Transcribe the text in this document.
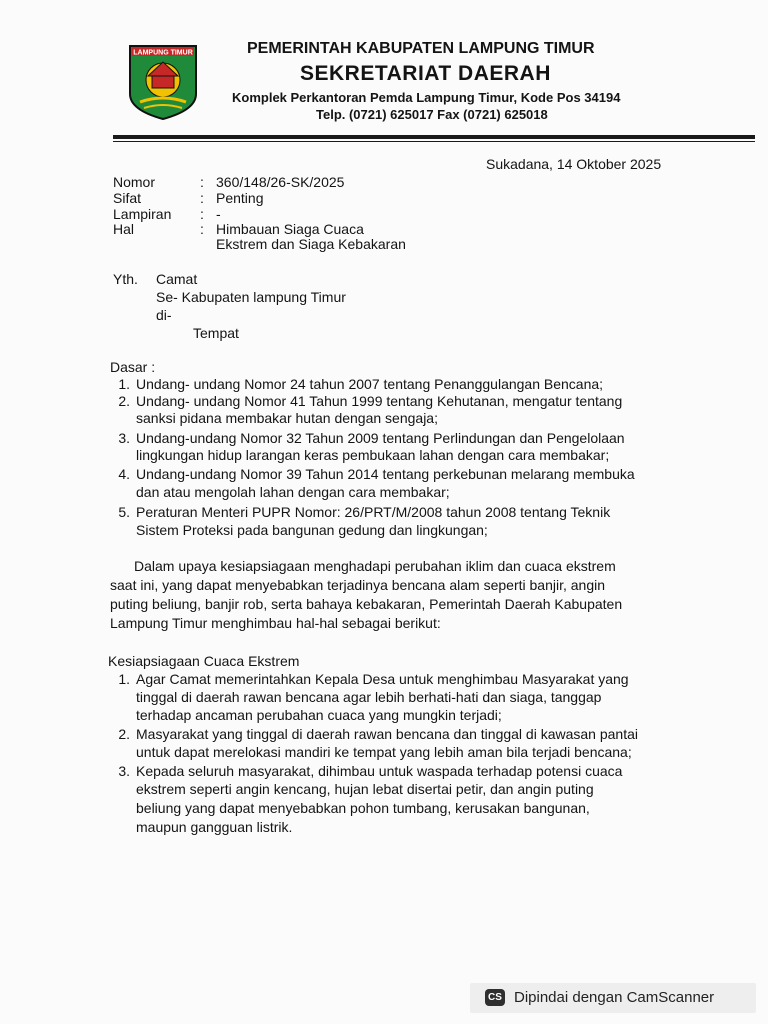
LAMPUNG TIMUR	PEMERINTAH KABUPATEN LAMPUNG TIMUR
SEKRETARIAT DAERAH
Komplek Perkantoran Pemda Lampung Timur, Kode Pos 34194
Telp. (0721) 625017 Fax (0721) 625018
Sukadana, 14 Oktober 2025
Nomor	: 360/148/26-SK/2025
Sifat	: Penting
Lampiran : -
Hal	: Himbauan Siaga Cuaca
Ekstrem dan Siaga Kebakaran
Yth. Camat
Se- Kabupaten lampung Timur
di-
Tempat
Dasar :
1. Undang- undang Nomor 24 tahun 2007 tentang Penanggulangan Bencana;
2. Undang- undang Nomor 41 Tahun 1999 tentang Kehutanan, mengatur tentang
sanksi pidana membakar hutan dengan sengaja;
3. Undang-undang Nomor 32 Tahun 2009 tentang Perlindungan dan Pengelolaan
lingkungan hidup larangan keras pembukaan lahan dengan cara membakar;
4. Undang-undang Nomor 39 Tahun 2014 tentang perkebunan melarang membuka
dan atau mengolah lahan dengan cara membakar;
5. Peraturan Menteri PUPR Nomor: 26/PRT/M/2008 tahun 2008 tentang Teknik
Sistem Proteksi pada bangunan gedung dan lingkungan;
Dalam upaya kesiapsiagaan menghadapi perubahan iklim dan cuaca ekstrem
saat ini, yang dapat menyebabkan terjadinya bencana alam seperti banjir, angin
puting beliung, banjir rob, serta bahaya kebakaran, Pemerintah Daerah Kabupaten
Lampung Timur menghimbau hal-hal sebagai berikut:
Kesiapsiagaan Cuaca Ekstrem
1. Agar Camat memerintahkan Kepala Desa untuk menghimbau Masyarakat yang
tinggal di daerah rawan bencana agar lebih berhati-hati dan siaga, tanggap
terhadap ancaman perubahan cuaca yang mungkin terjadi;
2. Masyarakat yang tinggal di daerah rawan bencana dan tinggal di kawasan pantai
untuk dapat merelokasi mandiri ke tempat yang lebih aman bila terjadi bencana;
3. Kepada seluruh masyarakat, dihimbau untuk waspada terhadap potensi cuaca
ekstrem seperti angin kencang, hujan lebat disertai petir, dan angin puting
beliung yang dapat menyebabkan pohon tumbang, kerusakan bangunan,
maupun gangguan listrik.
CS Dipindai dengan CamScanner
